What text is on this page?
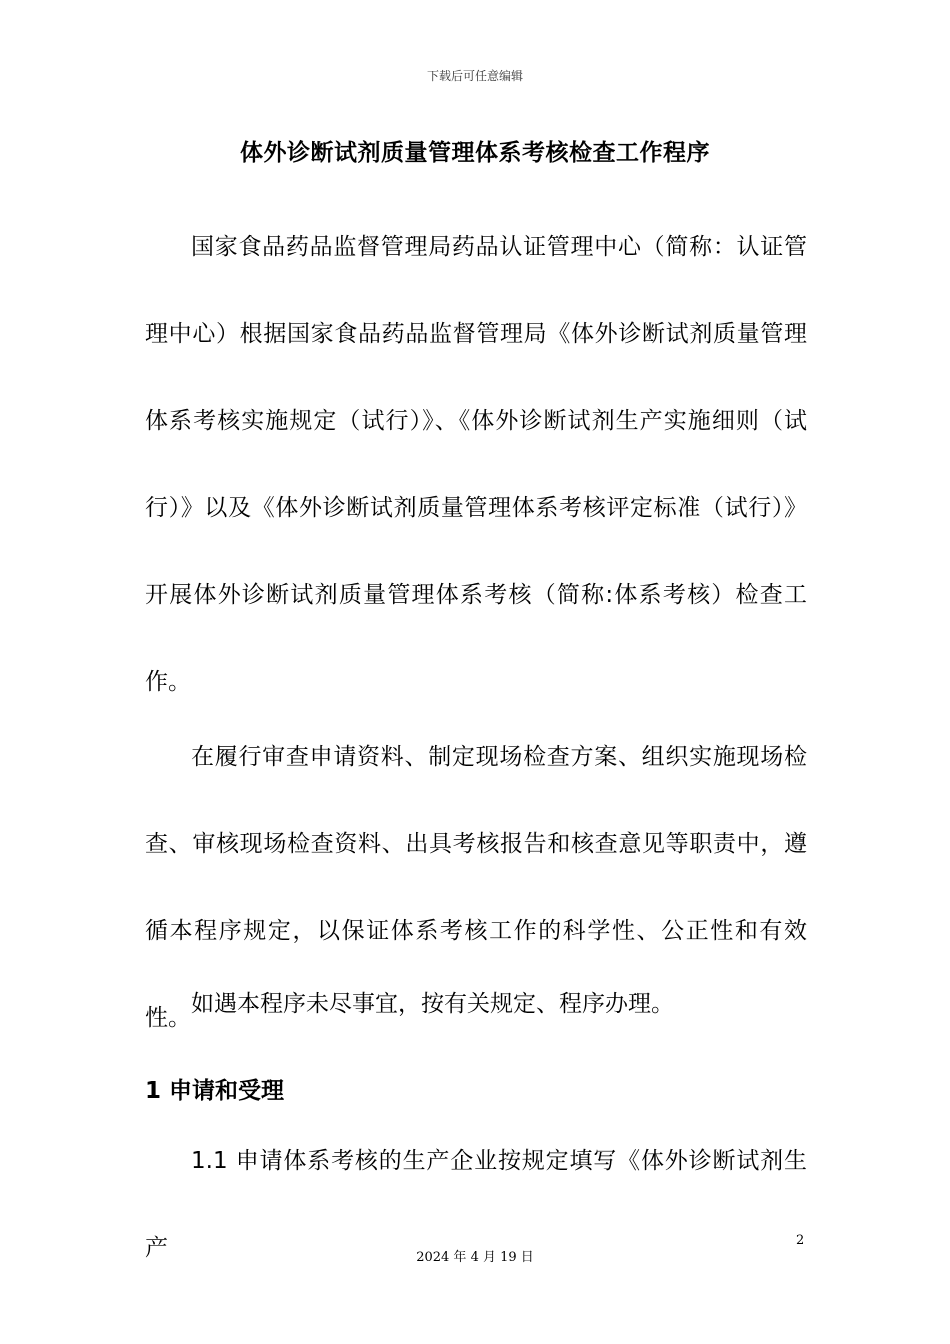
下载后可任意编辑
体外诊断试剂质量管理体系考核检查工作程序

国家食品药品监督管理局药品认证管理中心（简称：认证管理中心）根据国家食品药品监督管理局《体外诊断试剂质量管理体系考核实施规定（试行）》、《体外诊断试剂生产实施细则（试行）》以及《体外诊断试剂质量管理体系考核评定标准（试行）》开展体外诊断试剂质量管理体系考核（简称:体系考核）检查工作。

在履行审查申请资料、制定现场检查方案、组织实施现场检查、审核现场检查资料、出具考核报告和核查意见等职责中，遵循本程序规定，以保证体系考核工作的科学性、公正性和有效性。

如遇本程序未尽事宜，按有关规定、程序办理。

1 申请和受理

1.1 申请体系考核的生产企业按规定填写《体外诊断试剂生产	2
2024 年 4 月 19 日
